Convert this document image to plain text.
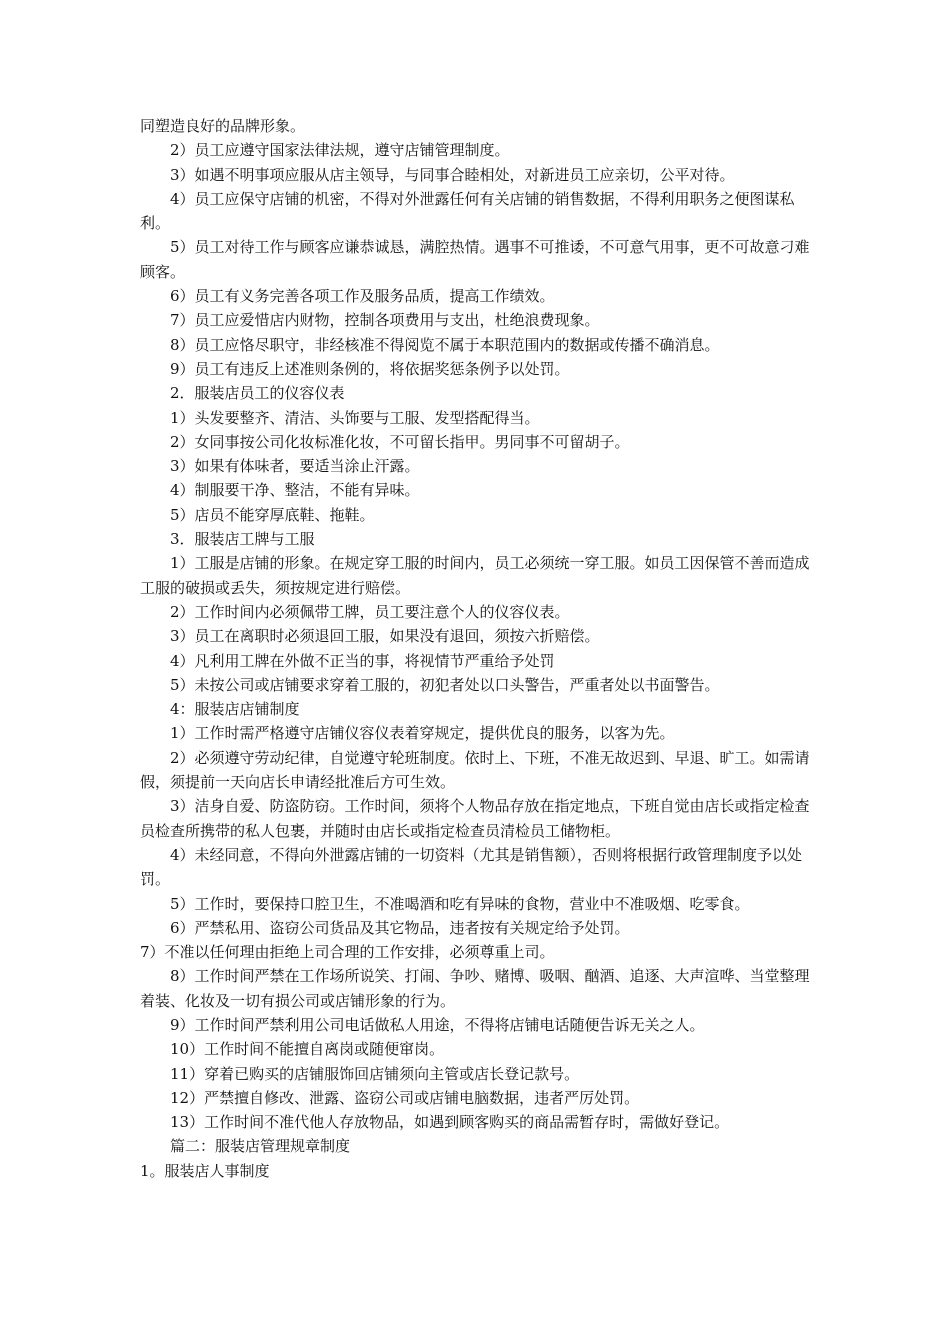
同塑造良好的品牌形象。

2）员工应遵守国家法律法规，遵守店铺管理制度。

3）如遇不明事项应服从店主领导，与同事合睦相处，对新进员工应亲切，公平对待。

4）员工应保守店铺的机密，不得对外泄露任何有关店铺的销售数据，不得利用职务之便图谋私利。

5）员工对待工作与顾客应谦恭诚恳，满腔热情。遇事不可推诿，不可意气用事，更不可故意刁难顾客。

6）员工有义务完善各项工作及服务品质，提高工作绩效。

7）员工应爱惜店内财物，控制各项费用与支出，杜绝浪费现象。

8）员工应恪尽职守，非经核准不得阅览不属于本职范围内的数据或传播不确消息。

9）员工有违反上述准则条例的，将依据奖惩条例予以处罚。

2．服装店员工的仪容仪表

1）头发要整齐、清洁、头饰要与工服、发型搭配得当。

2）女同事按公司化妆标准化妆，不可留长指甲。男同事不可留胡子。

3）如果有体味者，要适当涂止汗露。

4）制服要干净、整洁，不能有异味。

5）店员不能穿厚底鞋、拖鞋。

3．服装店工牌与工服

1）工服是店铺的形象。在规定穿工服的时间内，员工必须统一穿工服。如员工因保管不善而造成工服的破损或丢失，须按规定进行赔偿。

2）工作时间内必须佩带工牌，员工要注意个人的仪容仪表。

3）员工在离职时必须退回工服，如果没有退回，须按六折赔偿。

4）凡利用工牌在外做不正当的事，将视情节严重给予处罚

5）未按公司或店铺要求穿着工服的，初犯者处以口头警告，严重者处以书面警告。

4：服装店店铺制度

1）工作时需严格遵守店铺仪容仪表着穿规定，提供优良的服务，以客为先。

2）必须遵守劳动纪律，自觉遵守轮班制度。依时上、下班，不准无故迟到、早退、旷工。如需请假，须提前一天向店长申请经批准后方可生效。

3）洁身自爱、防盗防窃。工作时间，须将个人物品存放在指定地点，下班自觉由店长或指定检查员检查所携带的私人包裹，并随时由店长或指定检查员清检员工储物柜。

4）未经同意，不得向外泄露店铺的一切资料（尤其是销售额），否则将根据行政管理制度予以处罚。

5）工作时，要保持口腔卫生，不准喝酒和吃有异味的食物，营业中不准吸烟、吃零食。

6）严禁私用、盗窃公司货品及其它物品，违者按有关规定给予处罚。

7）不准以任何理由拒绝上司合理的工作安排，必须尊重上司。

8）工作时间严禁在工作场所说笑、打闹、争吵、赌博、吸咽、酗酒、追逐、大声渲哗、当堂整理着装、化妆及一切有损公司或店铺形象的行为。

9）工作时间严禁利用公司电话做私人用途，不得将店铺电话随便告诉无关之人。

10）工作时间不能擅自离岗或随便窜岗。

11）穿着已购买的店铺服饰回店铺须向主管或店长登记款号。

12）严禁擅自修改、泄露、盗窃公司或店铺电脑数据，违者严厉处罚。

13）工作时间不准代他人存放物品，如遇到顾客购买的商品需暂存时，需做好登记。

篇二：服装店管理规章制度

1。服装店人事制度
